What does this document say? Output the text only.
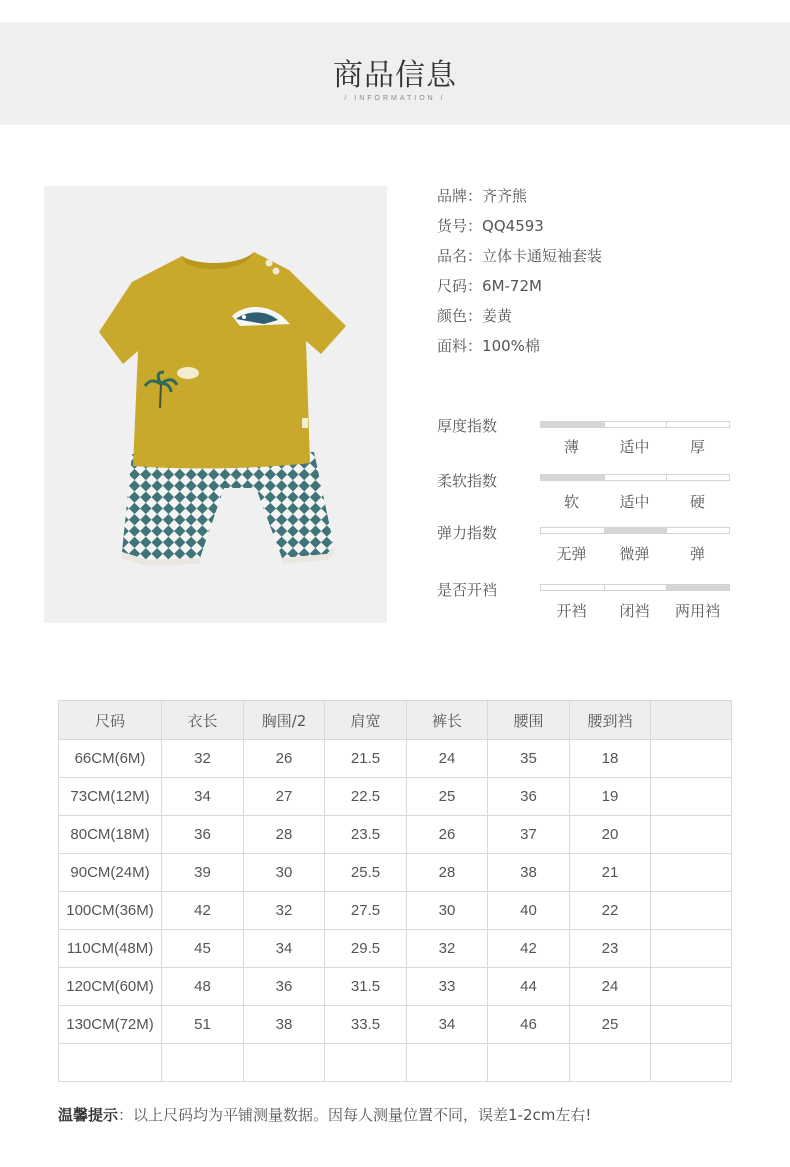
商品信息
/ INFORMATION /
品牌：齐齐熊
货号：QQ4593
品名：立体卡通短袖套装
尺码：6M-72M
颜色：姜黄
面料：100%棉
厚度指数
薄	适中	厚
柔软指数
软	适中	硬
弹力指数
无弹	微弹	弹
是否开裆
开裆	闭裆	两用裆
尺码	衣长	胸围/2	肩宽	裤长	腰围	腰到裆	
66CM(6M)	32	26	21.5	24	35	18	
73CM(12M)	34	27	22.5	25	36	19	
80CM(18M)	36	28	23.5	26	37	20	
90CM(24M)	39	30	25.5	28	38	21	
100CM(36M)	42	32	27.5	30	40	22	
110CM(48M)	45	34	29.5	32	42	23	
120CM(60M)	48	36	31.5	33	44	24	
130CM(72M)	51	38	33.5	34	46	25	

温馨提示：以上尺码均为平铺测量数据。因每人测量位置不同，误差1-2cm左右!
